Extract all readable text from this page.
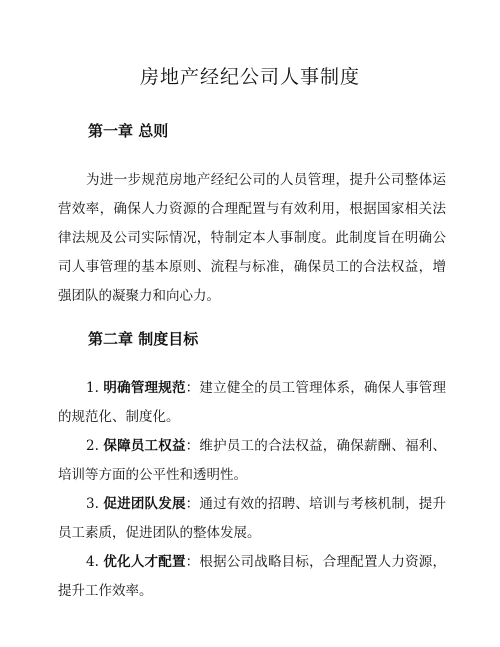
房地产经纪公司人事制度
第一章 总则

为进一步规范房地产经纪公司的人员管理，提升公司整体运营效率，确保人力资源的合理配置与有效利用，根据国家相关法律法规及公司实际情况，特制定本人事制度。此制度旨在明确公司人事管理的基本原则、流程与标准，确保员工的合法权益，增强团队的凝聚力和向心力。

第二章 制度目标
1. 明确管理规范：建立健全的员工管理体系，确保人事管理的规范化、制度化。
2. 保障员工权益：维护员工的合法权益，确保薪酬、福利、培训等方面的公平性和透明性。
3. 促进团队发展：通过有效的招聘、培训与考核机制，提升员工素质，促进团队的整体发展。
4. 优化人才配置：根据公司战略目标，合理配置人力资源，提升工作效率。
